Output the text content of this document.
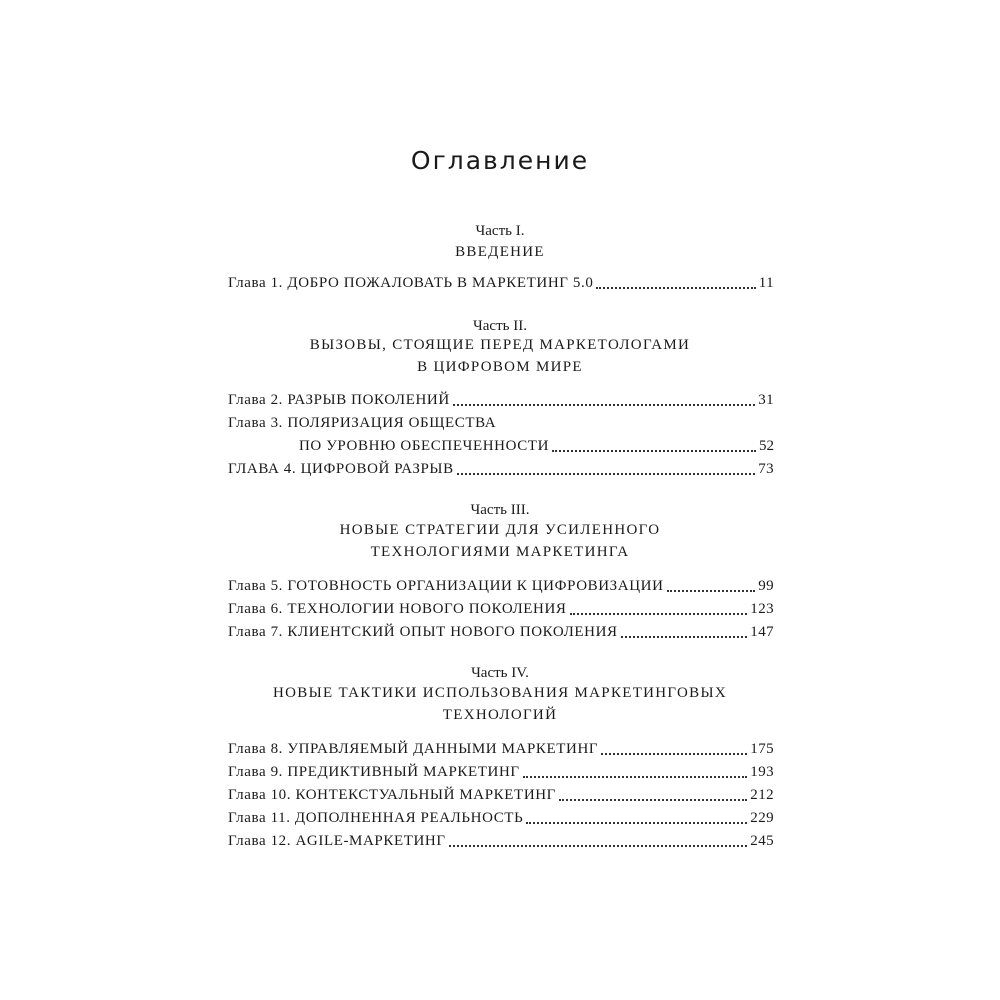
Оглавление
Часть I.
ВВЕДЕНИЕ
Глава 1. ДОБРО ПОЖАЛОВАТЬ В МАРКЕТИНГ 5.0	11
Часть II.
ВЫЗОВЫ, СТОЯЩИЕ ПЕРЕД МАРКЕТОЛОГАМИ
В ЦИФРОВОМ МИРЕ
Глава 2. РАЗРЫВ ПОКОЛЕНИЙ	31
Глава 3. ПОЛЯРИЗАЦИЯ ОБЩЕСТВА
ПО УРОВНЮ ОБЕСПЕЧЕННОСТИ	52
ГЛАВА 4. ЦИФРОВОЙ РАЗРЫВ	73
Часть III.
НОВЫЕ СТРАТЕГИИ ДЛЯ УСИЛЕННОГО
ТЕХНОЛОГИЯМИ МАРКЕТИНГА
Глава 5. ГОТОВНОСТЬ ОРГАНИЗАЦИИ К ЦИФРОВИЗАЦИИ	99
Глава 6. ТЕХНОЛОГИИ НОВОГО ПОКОЛЕНИЯ	123
Глава 7. КЛИЕНТСКИЙ ОПЫТ НОВОГО ПОКОЛЕНИЯ	147
Часть IV.
НОВЫЕ ТАКТИКИ ИСПОЛЬЗОВАНИЯ МАРКЕТИНГОВЫХ
ТЕХНОЛОГИЙ
Глава 8. УПРАВЛЯЕМЫЙ ДАННЫМИ МАРКЕТИНГ	175
Глава 9. ПРЕДИКТИВНЫЙ МАРКЕТИНГ	193
Глава 10. КОНТЕКСТУАЛЬНЫЙ МАРКЕТИНГ	212
Глава 11. ДОПОЛНЕННАЯ РЕАЛЬНОСТЬ	229
Глава 12. AGILE-МАРКЕТИНГ	245
